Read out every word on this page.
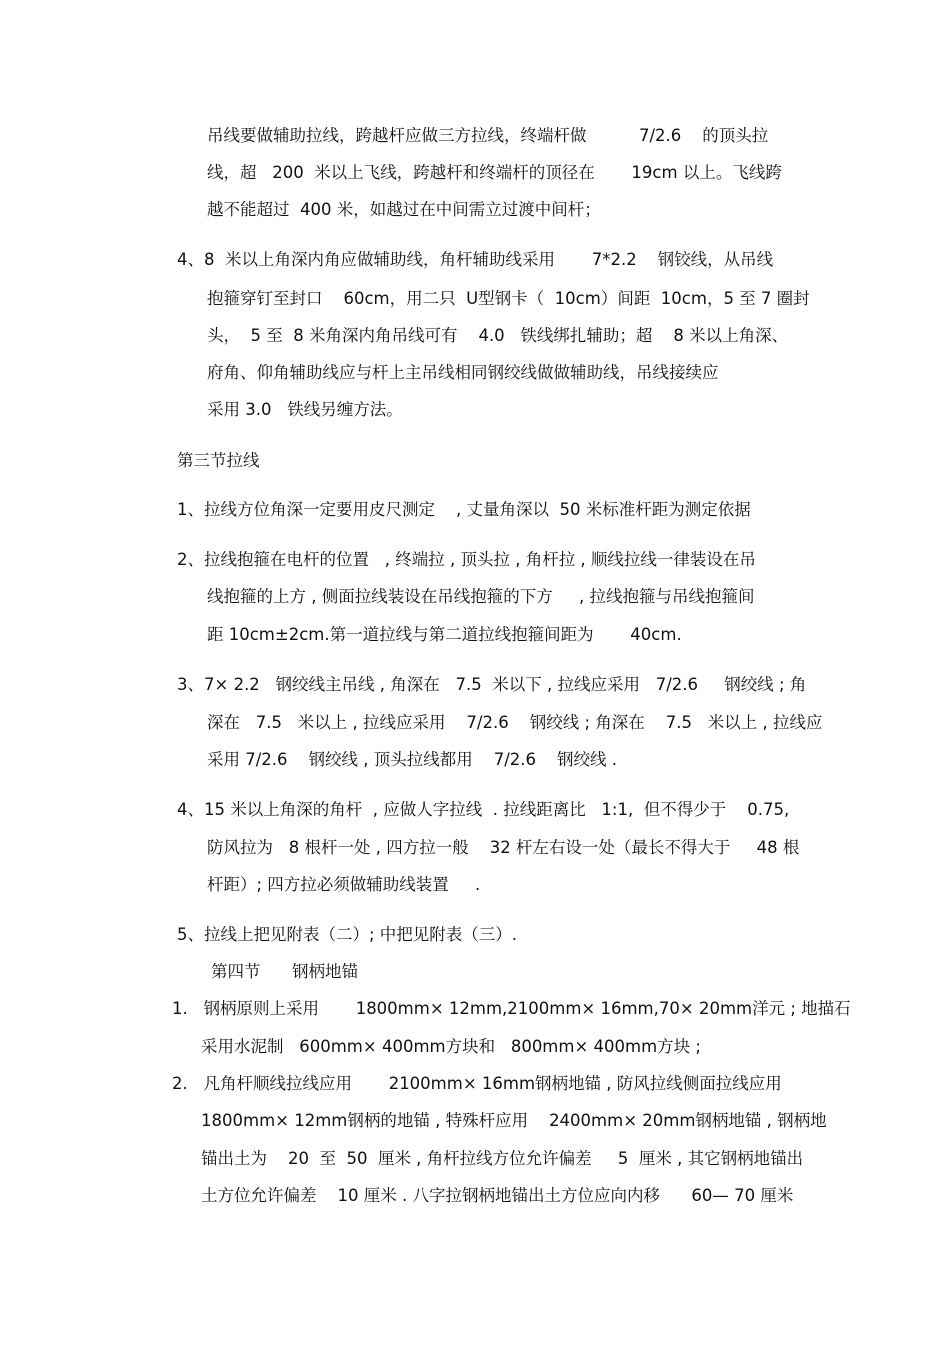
吊线要做辅助拉线，跨越杆应做三方拉线，终端杆做          7/2.6    的顶头拉

线，超   200  米以上飞线，跨越杆和终端杆的顶径在       19cm 以上。飞线跨

越不能超过  400 米，如越过在中间需立过渡中间杆；

4、8  米以上角深内角应做辅助线，角杆辅助线采用       7*2.2    钢铰线，从吊线

抱箍穿钉至封口    60cm，用二只  U型钢卡（  10cm）间距  10cm，5 至 7 圈封

头，  5 至  8 米角深内角吊线可有    4.0   铁线绑扎辅助；超    8 米以上角深、

府角、仰角辅助线应与杆上主吊线相同钢绞线做做辅助线，吊线接续应

采用 3.0   铁线另缠方法。

第三节拉线

1、拉线方位角深一定要用皮尺测定    , 丈量角深以  50 米标准杆距为测定依据

2、拉线抱箍在电杆的位置   , 终端拉 , 顶头拉 , 角杆拉 , 顺线拉线一律装设在吊

线抱箍的上方 , 侧面拉线装设在吊线抱箍的下方     , 拉线抱箍与吊线抱箍间

距 10cm±2cm.第一道拉线与第二道拉线抱箍间距为       40cm.

3、7× 2.2   钢绞线主吊线 , 角深在   7.5  米以下 , 拉线应采用   7/2.6     钢绞线 ; 角

深在   7.5   米以上 , 拉线应采用    7/2.6    钢绞线 ; 角深在    7.5   米以上 , 拉线应

采用 7/2.6    钢绞线 , 顶头拉线都用    7/2.6    钢绞线 .

4、15 米以上角深的角杆  , 应做人字拉线  . 拉线距离比   1:1,  但不得少于    0.75,

防风拉为   8 根杆一处 , 四方拉一般    32 杆左右设一处（最长不得大于     48 根

杆距）; 四方拉必须做辅助线装置     .

5、拉线上把见附表（二）; 中把见附表（三）.

第四节      钢柄地锚

1.   钢柄原则上采用       1800mm× 12mm,2100mm× 16mm,70× 20mm洋元 ; 地描石

采用水泥制   600mm× 400mm方块和   800mm× 400mm方块 ;

2.   凡角杆顺线拉线应用       2100mm× 16mm钢柄地锚 , 防风拉线侧面拉线应用

1800mm× 12mm钢柄的地锚 , 特殊杆应用    2400mm× 20mm钢柄地锚 , 钢柄地

锚出土为    20  至  50  厘米 , 角杆拉线方位允许偏差     5  厘米 , 其它钢柄地锚出

土方位允许偏差    10 厘米 . 八字拉钢柄地锚出土方位应向内移      60— 70 厘米
